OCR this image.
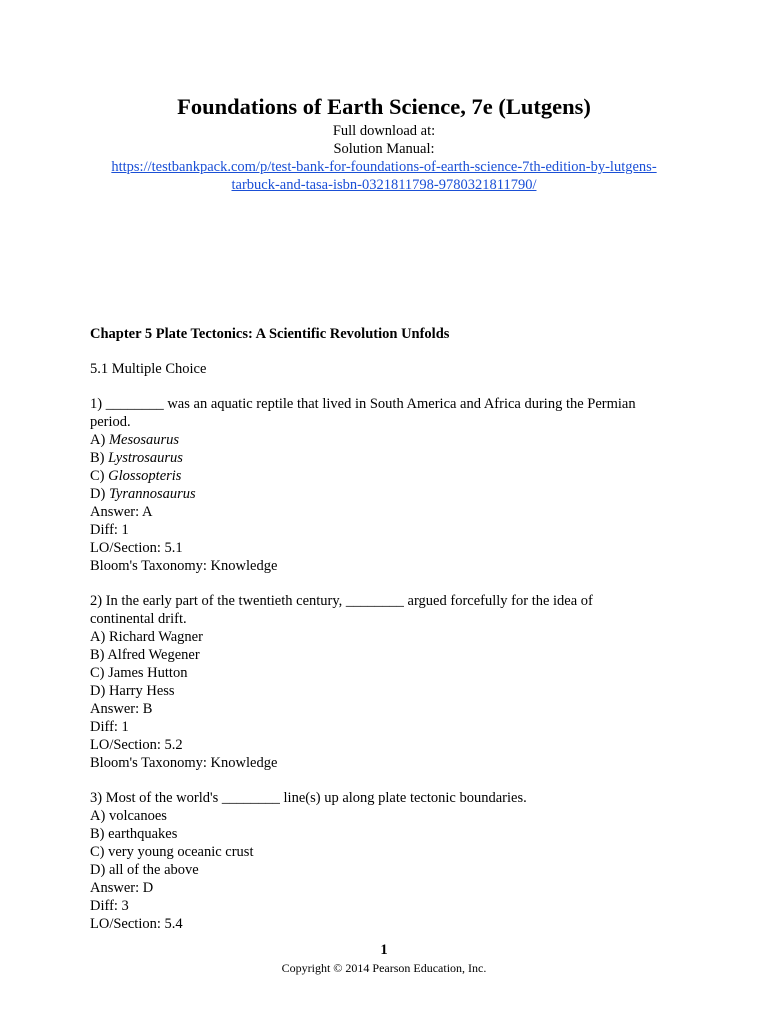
Foundations of Earth Science, 7e (Lutgens)

Full download at:

Solution Manual:

https://testbankpack.com/p/test-bank-for-foundations-of-earth-science-7th-edition-by-lutgens-
tarbuck-and-tasa-isbn-0321811798-9780321811790/

Chapter 5 Plate Tectonics: A Scientific Revolution Unfolds

5.1 Multiple Choice

1) ________ was an aquatic reptile that lived in South America and Africa during the Permian

period.

A) Mesosaurus

B) Lystrosaurus

C) Glossopteris

D) Tyrannosaurus

Answer: A

Diff: 1

LO/Section: 5.1

Bloom's Taxonomy: Knowledge

2) In the early part of the twentieth century, ________ argued forcefully for the idea of

continental drift.

A) Richard Wagner

B) Alfred Wegener

C) James Hutton

D) Harry Hess

Answer: B

Diff: 1

LO/Section: 5.2

Bloom's Taxonomy: Knowledge

3) Most of the world's ________ line(s) up along plate tectonic boundaries.

A) volcanoes

B) earthquakes

C) very young oceanic crust

D) all of the above

Answer: D

Diff: 3

LO/Section: 5.4

1
Copyright © 2014 Pearson Education, Inc.
